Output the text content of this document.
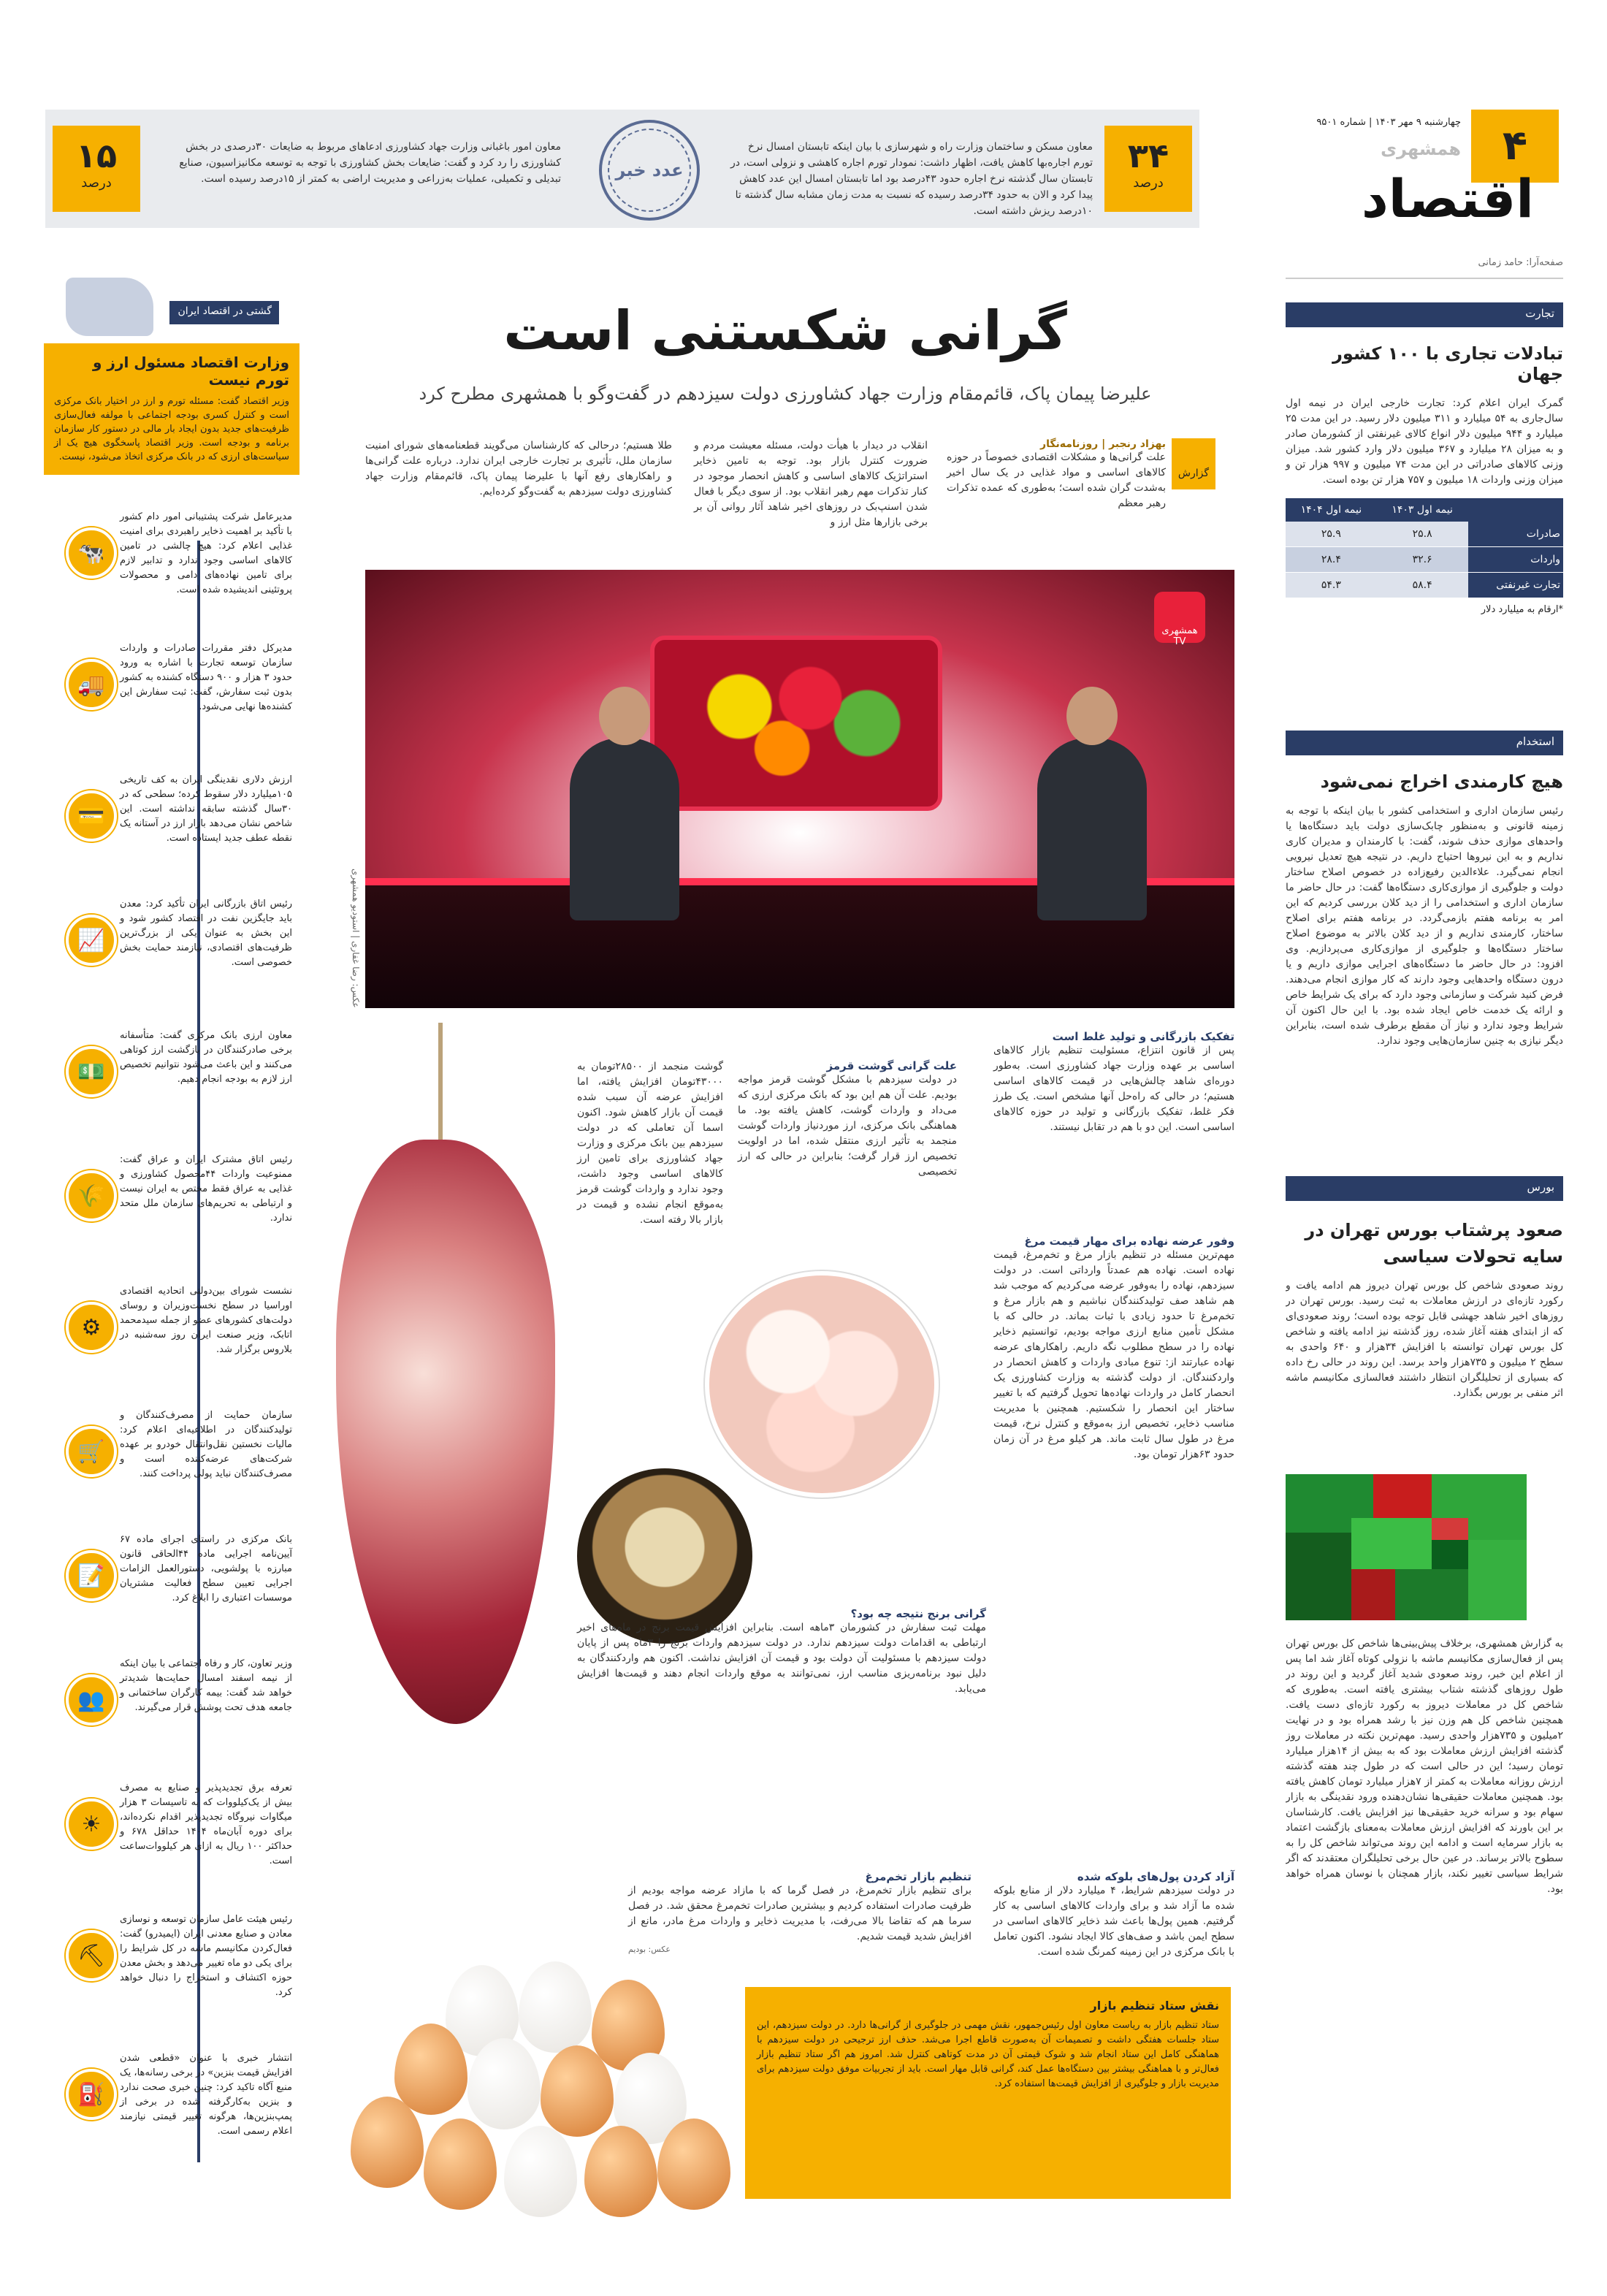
۳۴
درصد
معاون مسکن و ساختمان وزارت راه و شهرسازی با بیان اینکه تابستان امسال نرخ تورم اجاره‌بها کاهش یافت، اظهار داشت: نمودار تورم اجاره کاهشی و نزولی است، در تابستان سال گذشته نرخ اجاره حدود ۴۳درصد بود اما تابستان امسال این عدد کاهش پیدا کرد و الان به حدود ۳۴درصد رسیده که نسبت به مدت زمان مشابه سال گذشته تا ۱۰درصد ریزش داشته است.
عدد خبر
معاون امور باغبانی وزارت جهاد کشاورزی ادعاهای مربوط به ضایعات ۳۰درصدی در بخش کشاورزی را رد کرد و گفت: ضایعات بخش کشاورزی با توجه به توسعه مکانیزاسیون، صنایع تبدیلی و تکمیلی، عملیات به‌زراعی و مدیریت اراضی به کمتر از ۱۵درصد رسیده است.
۱۵
درصد
۴
چهارشنبه ۹ مهر ۱۴۰۳ | شماره ۹۵۰۱
همشهری
اقتصاد
صفحه‌آرا: حامد زمانی
تجارت
تبادلات تجاری با ۱۰۰ کشور جهان
گمرک ایران اعلام کرد: تجارت خارجی ایران در نیمه اول سال‌جاری به ۵۴ میلیارد و ۳۱۱ میلیون دلار رسید. در این مدت ۲۵ میلیارد و ۹۴۴ میلیون دلار انواع کالای غیرنفتی از کشورمان صادر و به میزان ۲۸ میلیارد و ۳۶۷ میلیون دلار وارد کشور شد. میزان وزنی کالاهای صادراتی در این مدت ۷۴ میلیون و ۹۹۷ هزار تن و میزان وزنی واردات ۱۸ میلیون و ۷۵۷ هزار تن بوده است.
	نیمه اول ۱۴۰۳	نیمه اول ۱۴۰۴
صادرات	۲۵.۸	۲۵.۹
واردات	۳۲.۶	۲۸.۴
تجارت غیرنفتی	۵۸.۴	۵۴.۳
*ارقام به میلیارد دلار
استخدام
هیچ کارمندی اخراج نمی‌شود
رئیس سازمان اداری و استخدامی کشور با بیان اینکه با توجه به زمینه قانونی و به‌منظور چابک‌سازی دولت باید دستگاه‌ها یا واحدهای موازی حذف شوند، گفت: با کارمندان و مدیران کاری نداریم و به این نیرو‌ها احتیاج داریم. در نتیجه هیچ تعدیل نیرویی انجام نمی‌گیرد. علاءالدین رفیع‌زاده در خصوص اصلاح ساختار دولت و جلوگیری از موازی‌کاری دستگاه‌ها گفت: در حال حاضر ما سازمان اداری و استخدامی را از دید کلان بررسی کردیم که این امر به برنامه هفتم بازمی‌گردد. در برنامه هفتم برای اصلاح ساختار، کارمندی نداریم و از دید کلان ‌با‌لاتر به موضوع اصلاح ساختار دستگاه‌ها و جلوگیری از موازی‌کاری می‌پردازیم. وی افزود: در حال حاضر ما دستگاه‌های اجرایی موازی داریم و یا درون دستگاه واحدهایی وجود دارند که کار موازی انجام می‌دهند. فرض کنید شرکت و سازمانی وجود دارد که برای یک شرایط خاص و ارائه یک خدمت خاص ایجاد شده بود. با این حال اکنون آن شرایط وجود ندارد و نیاز آن مقطع برطرف شده است، بنابراین دیگر نیازی به چنین سازمان‌هایی وجود ندارد.
بورس
صعود پرشتاب بورس تهران در سایه تحولات سیاسی
روند صعودی شاخص کل بورس تهران دیروز هم ادامه یافت و رکورد تازه‌ای در ارزش معاملات به ثبت رسید. بورس تهران در روزهای اخیر شاهد جهشی قابل توجه بوده است؛ روند صعودی‌ای که از ابتدای هفته آغاز شده، روز گذشته نیز ادامه یافته و شاخص کل بورس تهران توانسته با افزایش ۳۴هزار و ۶۴۰ واحدی به سطح ۲ میلیون و ۷۳۵هزار واحد برسد. این روند در حالی رخ داده که بسیاری از تحلیلگران انتظار داشتند فعالسازی مکانیسم ماشه اثر منفی بر بورس بگذارد.
به گزارش همشهری، برخلاف پیش‌بینی‌ها شاخص کل بورس تهران پس از فعال‌سازی مکانیسم ماشه با نزولی کوتاه آغاز شد اما پس از اعلام این خبر، روند صعودی شدید آغاز گردید و این روند در طول روزهای گذشته شتاب بیشتری یافته است. به‌طوری که شاخص کل در معاملات دیروز به رکورد تازه‌ای دست یافت. همچنین شاخص کل هم وزن نیز با رشد همراه بود و در نهایت ۲میلیون و ۷۳۵هزار واحدی رسید. مهم‌ترین نکته در معاملات روز گذشته افزایش ارزش معاملات بود که به بیش از ۱۴هزار میلیارد تومان رسید؛ این در حالی است که در طول چند هفته گذشته ارزش روزانه معاملات به کمتر از ۷هزار میلیارد تومان کاهش یافته بود. همچنین معاملات حقیقی‌ها نشان‌دهنده ورود نقدینگی به بازار سهام بود و سرانه خرید حقیقی‌ها نیز افزایش یافت. کارشناسان بر این باورند که افزایش ارزش معاملات به‌معنای بازگشت اعتماد به بازار سرمایه است و ادامه این روند می‌تواند شاخص کل را به سطوح بالاتر برساند. در عین حال برخی تحلیلگران معتقدند که اگر شرایط سیاسی تغییر نکند، بازار همچنان با نوسان همراه خواهد بود.
گشتی در اقتصاد ایران
وزارت اقتصاد مسئول ارز و تورم نیست
وزیر اقتصاد گفت: مسئله تورم و ارز در اختیار بانک مرکزی است و کنترل کسری بودجه اجتماعی با مولفه فعال‌سازی ظرفیت‌های جدید بدون ایجاد بار مالی در دستور کار سازمان برنامه و بودجه است. وزیر اقتصاد پاسخگوی هیچ یک از سیاست‌های ارزی که در بانک مرکزی اتخاذ می‌شود، نیست.
🐄
مدیرعامل شرکت پشتیبانی امور دام کشور با تأکید بر اهمیت ذخایر راهبردی برای امنیت غذایی اعلام کرد: هیچ چالشی در تامین کالاهای اساسی وجود ندارد و تدابیر لازم برای تامین نهاده‌های دامی و محصولات پروتئینی اندیشیده شده است.
🚚
مدیرکل دفتر مقررات صادرات و واردات سازمان توسعه تجارت با اشاره به ورود حدود ۳ هزار و ۹۰۰ دستگاه کشنده به کشور بدون ثبت سفارش، گفت: ثبت سفارش این کشنده‌ها نهایی می‌شود.
💳
ارزش دلاری نقدینگی ایران به کف تاریخی ۱۰۵میلیارد دلار سقوط کرده؛ سطحی که در ۳۰سال گذشته سابقه نداشته است. این شاخص نشان می‌دهد بازار ارز در آستانه یک نقطه عطف جدید ایستاده است.
📈
رئیس اتاق بازرگانی ایران تأکید کرد: معدن باید جایگزین نفت در اقتصاد کشور شود و این بخش به عنوان یکی از بزرگ‌ترین ظرفیت‌های اقتصادی، نیازمند حمایت بخش خصوصی است.
💵
معاون ارزی بانک مرکزی گفت: متأسفانه برخی صادرکنندگان در بازگشت ارز کوتاهی می‌کنند و این باعث می‌شود نتوانیم تخصیص ارز لازم به بودجه انجام دهیم.
🌾
رئیس اتاق مشترک ایران و عراق گفت: ممنوعیت واردات ۴۴محصول کشاورزی و غذایی به عراق فقط مختص به ایران نیست و ارتباطی به تحریم‌های سازمان ملل متحد ندارد.
⚙
نشست شورای بین‌دولتی اتحادیه اقتصادی اوراسیا در سطح نخست‌وزیران و روسای دولت‌های کشورهای عضو از جمله سیدمحمد اتابک، وزیر صنعت ایران روز سه‌شنبه در بلاروس برگزار شد.
🛒
سازمان حمایت از مصرف‌کنندگان و تولیدکنندگان در اطلاعیه‌ای اعلام کرد: مالیات نخستین نقل‌وانتقال خودرو بر عهده شرکت‌های عرضه‌کننده است و مصرف‌کنندگان نباید پولی پرداخت کنند.
📝
بانک مرکزی در راستای اجرای ماده ۶۷ آیین‌نامه اجرایی ماده ۴۴الحاقی قانون مبارزه با پولشویی، دستورالعمل الزامات اجرایی تعیین سطح فعالیت مشتریان موسسات اعتباری را ابلاغ کرد.
👥
وزیر تعاون، کار و رفاه اجتماعی با بیان اینکه از نیمه اسفند امسال حمایت‌ها شدیدتر خواهد شد گفت: بیمه کارگران ساختمانی و جامعه هدف تحت پوشش قرار می‌گیرند.
☀
تعرفه برق تجدیدپذیر و صنایع به مصرف بیش از یک‌کیلووات که به تاسیسات ۳ هزار میگاوات نیروگاه تجدیدپذیر اقدام نکرده‌اند، برای دوره آبان‌ماه ۱۴۰۴ حداقل ۶۷۸ و حداکثر ۱۰۰ ریال به ازای هر کیلووات‌ساعت است.
⛏
رئیس هیئت عامل سازمان توسعه و نوسازی معادن و صنایع معدنی ایران (ایمیدرو) گفت: فعال‌کردن مکانیسم ماشه در کل شرایط را برای یکی دو ماه تغییر می‌دهد و بخش معدن حوزه اکتشاف و استخراج را دنبال خواهد کرد.
⛽
انتشار خبری با عنوان «قطعی شدن افزایش قیمت بنزین» در برخی رسانه‌ها، یک منبع آگاه تاکید کرد: چنین خبری صحت ندارد و بنزین به‌کارگرفته شده در برخی از پمپ‌بنزین‌ها، هرگونه تغییر قیمتی نیازمند اعلام رسمی است.
گرانی شکستنی است
علیرضا پیمان پاک، قائم‌مقام وزارت جهاد کشاورزی دولت سیزدهم در گفت‌وگو با همشهری مطرح کرد
گزارش
بهزاد رنجبر | روزنامه‌نگار
علت گرانی‌ها و مشکلات اقتصادی خصوصاً در حوزه کالاهای اساسی و مواد غذایی در یک سال اخیر به‌شدت گران شده است؛ به‌طوری که عمده تذکرات رهبر معظم
انقلاب در دیدار با هیأت دولت، مسئله معیشت مردم و ضرورت کنترل بازار بود. توجه به تامین ذخایر استراتژیک کالاهای اساسی و کاهش انحصار موجود در کنار تذکرات مهم رهبر انقلاب بود. از سوی دیگر با فعال شدن اسنپ‌بک در روزهای اخیر شاهد آثار روانی آن بر برخی بازارها‌ مثل ارز و
طلا هستیم؛ درحالی که کارشناسان می‌گویند قطعنامه‌های شورای امنیت سازمان ملل، تأثیری بر تجارت خارجی ایران ندارد. درباره علت گرانی‌ها و راهکارهای رفع آنها با علیرضا پیمان پاک، قائم‌مقام وزارت جهاد کشاورزی دولت سیزدهم به گفت‌وگو کرده‌ایم.
همشهری TV
عکس: رضا غفاری | استودیو همشهری
تفکیک بازرگانی و تولید غلط است
پس از قانون انتزاع، مسئولیت تنظیم بازار کالاهای اساسی بر عهده وزارت جهاد کشاورزی است. به‌طور دوره‌ای شاهد چالش‌هایی در قیمت کالاهای اساسی هستیم؛ در حالی که راه‌حل آنها مشخص است. یک طرز فکر غلط، تفکیک بازرگانی و تولید در حوزه کالاهای اساسی است. این دو با هم در تقابل نیستند.
علت گرانی گوشت قرمز
در دولت سیزدهم با مشکل گوشت قرمز مواجه بودیم. علت آن هم این بود که بانک مرکزی ارزی که می‌داد و واردات گوشت، کاهش یافته بود. ما هماهنگی بانک مرکزی، ارز موردنیاز واردات گوشت منجمد به تأثیر ارزی منتقل شده، اما در اولویت تخصیص ارز قرار گرفت؛ بنابراین در حالی که ارز تخصیصی
گوشت منجمد از ۲۸۵۰۰تومان به ۴۳۰۰۰تومان افزایش یافته، اما افزایش عرضه آن سبب شده قیمت آن بازار کاهش شود. اکنون اسما آن تعاملی که در دولت سیزدهم بین بانک مرکزی و وزارت جهاد کشاورزی برای تامین ارز کالاهای اساسی وجود داشت، وجود ندارد و واردات گوشت قرمز به‌موقع انجام نشده و قیمت در بازار بالا رفته است.
وفور عرضه نهاده برای مهار قیمت مرغ
مهم‌ترین مسئله در تنظیم بازار مرغ و تخم‌مرغ، قیمت نهاده است. نهاده هم عمدتاً وارداتی است. در دولت سیزدهم، نهاده را به‌وفور عرضه می‌کردیم که موجب شد هم شاهد صف تولیدکنندگان نباشیم و هم بازار مرغ و تخم‌مرغ تا حدود زیادی با ثبات بماند. در حالی که با مشکل تأمین منابع ارزی مواجه بودیم، توانستیم ذخایر نهاده را در سطح مطلوب نگه داریم. راهکارهای عرضه نهاده عبارتند از: تنوع مبادی واردات و کاهش انحصار در واردکنندگان. از دولت گذشته به وزارت کشاورزی یک انحصار کامل در واردات نهاده‌ها تحویل گرفتیم که با تغییر ساختار این انحصار را شکستیم. همچنین با مدیریت مناسب ذخایر، تخصیص ارز به‌موقع و کنترل نرخ، قیمت مرغ در طول سال ثابت ماند. هر کیلو مرغ در آن زمان حدود ۶۳هزار تومان بود.
گرانی برنج نتیجه چه بود؟
مهلت ثبت سفارش در کشورمان ۳ماهه است. بنابراین افزایش قیمت برنج در ماه‌های اخیر ارتباطی به اقدامات دولت سیزدهم ندارد. در دولت سیزدهم واردات برنج را ۳ماه پس از پایان دولت سیزدهم با مسئولیت آن دولت بود و قیمت آن افزایش نداشت. اکنون هم واردکنندگان به دلیل نبود برنامه‌ریزی مناسب ارز، نمی‌توانند به موقع واردات انجام دهند و قیمت‌ها افزایش می‌یابد.
آزاد کردن پول‌های بلوکه شده
در دولت سیزدهم شرایط، ۴ میلیارد دلار از منابع بلوکه شده ما آزاد شد و برای واردات کالاهای اساسی به کار گرفتیم. همین پول‌ها باعث شد ذخایر کالاهای اساسی در سطح ایمن باشد و صف‌های کالا ایجاد نشود. اکنون تعامل با بانک مرکزی در این زمینه کمرنگ شده است.
تنظیم بازار تخم‌مرغ
برای تنظیم بازار تخم‌مرغ، در فصل گرما که با مازاد عرضه مواجه بودیم از ظرفیت صادرات استفاده کردیم و بیشترین صادرات تخم‌مرغ محقق شد. در فصل سرما هم که تقاضا بالا می‌رفت، با مدیریت ذخایر و واردات مرغ مادر، مانع از افزایش شدید قیمت شدیم.
عکس: بودیم
نقش ستاد تنظیم بازار
ستاد تنظیم بازار به ریاست معاون اول رئیس‌جمهور، نقش مهمی در جلوگیری از گرانی‌ها دارد. در دولت سیزدهم، این ستاد جلسات هفتگی داشت و تصمیمات آن به‌صورت قاطع اجرا می‌شد. حذف ارز ترجیحی در دولت سیزدهم با هماهنگی کامل این ستاد انجام شد و شوک قیمتی آن در مدت کوتاهی کنترل شد. امروز هم اگر ستاد تنظیم بازار فعال‌تر و با هماهنگی بیشتر بین دستگاه‌ها عمل کند، گرانی قابل مهار است. باید از تجربیات موفق دولت سیزدهم برای مدیریت بازار و جلوگیری از افزایش قیمت‌ها استفاده کرد.
